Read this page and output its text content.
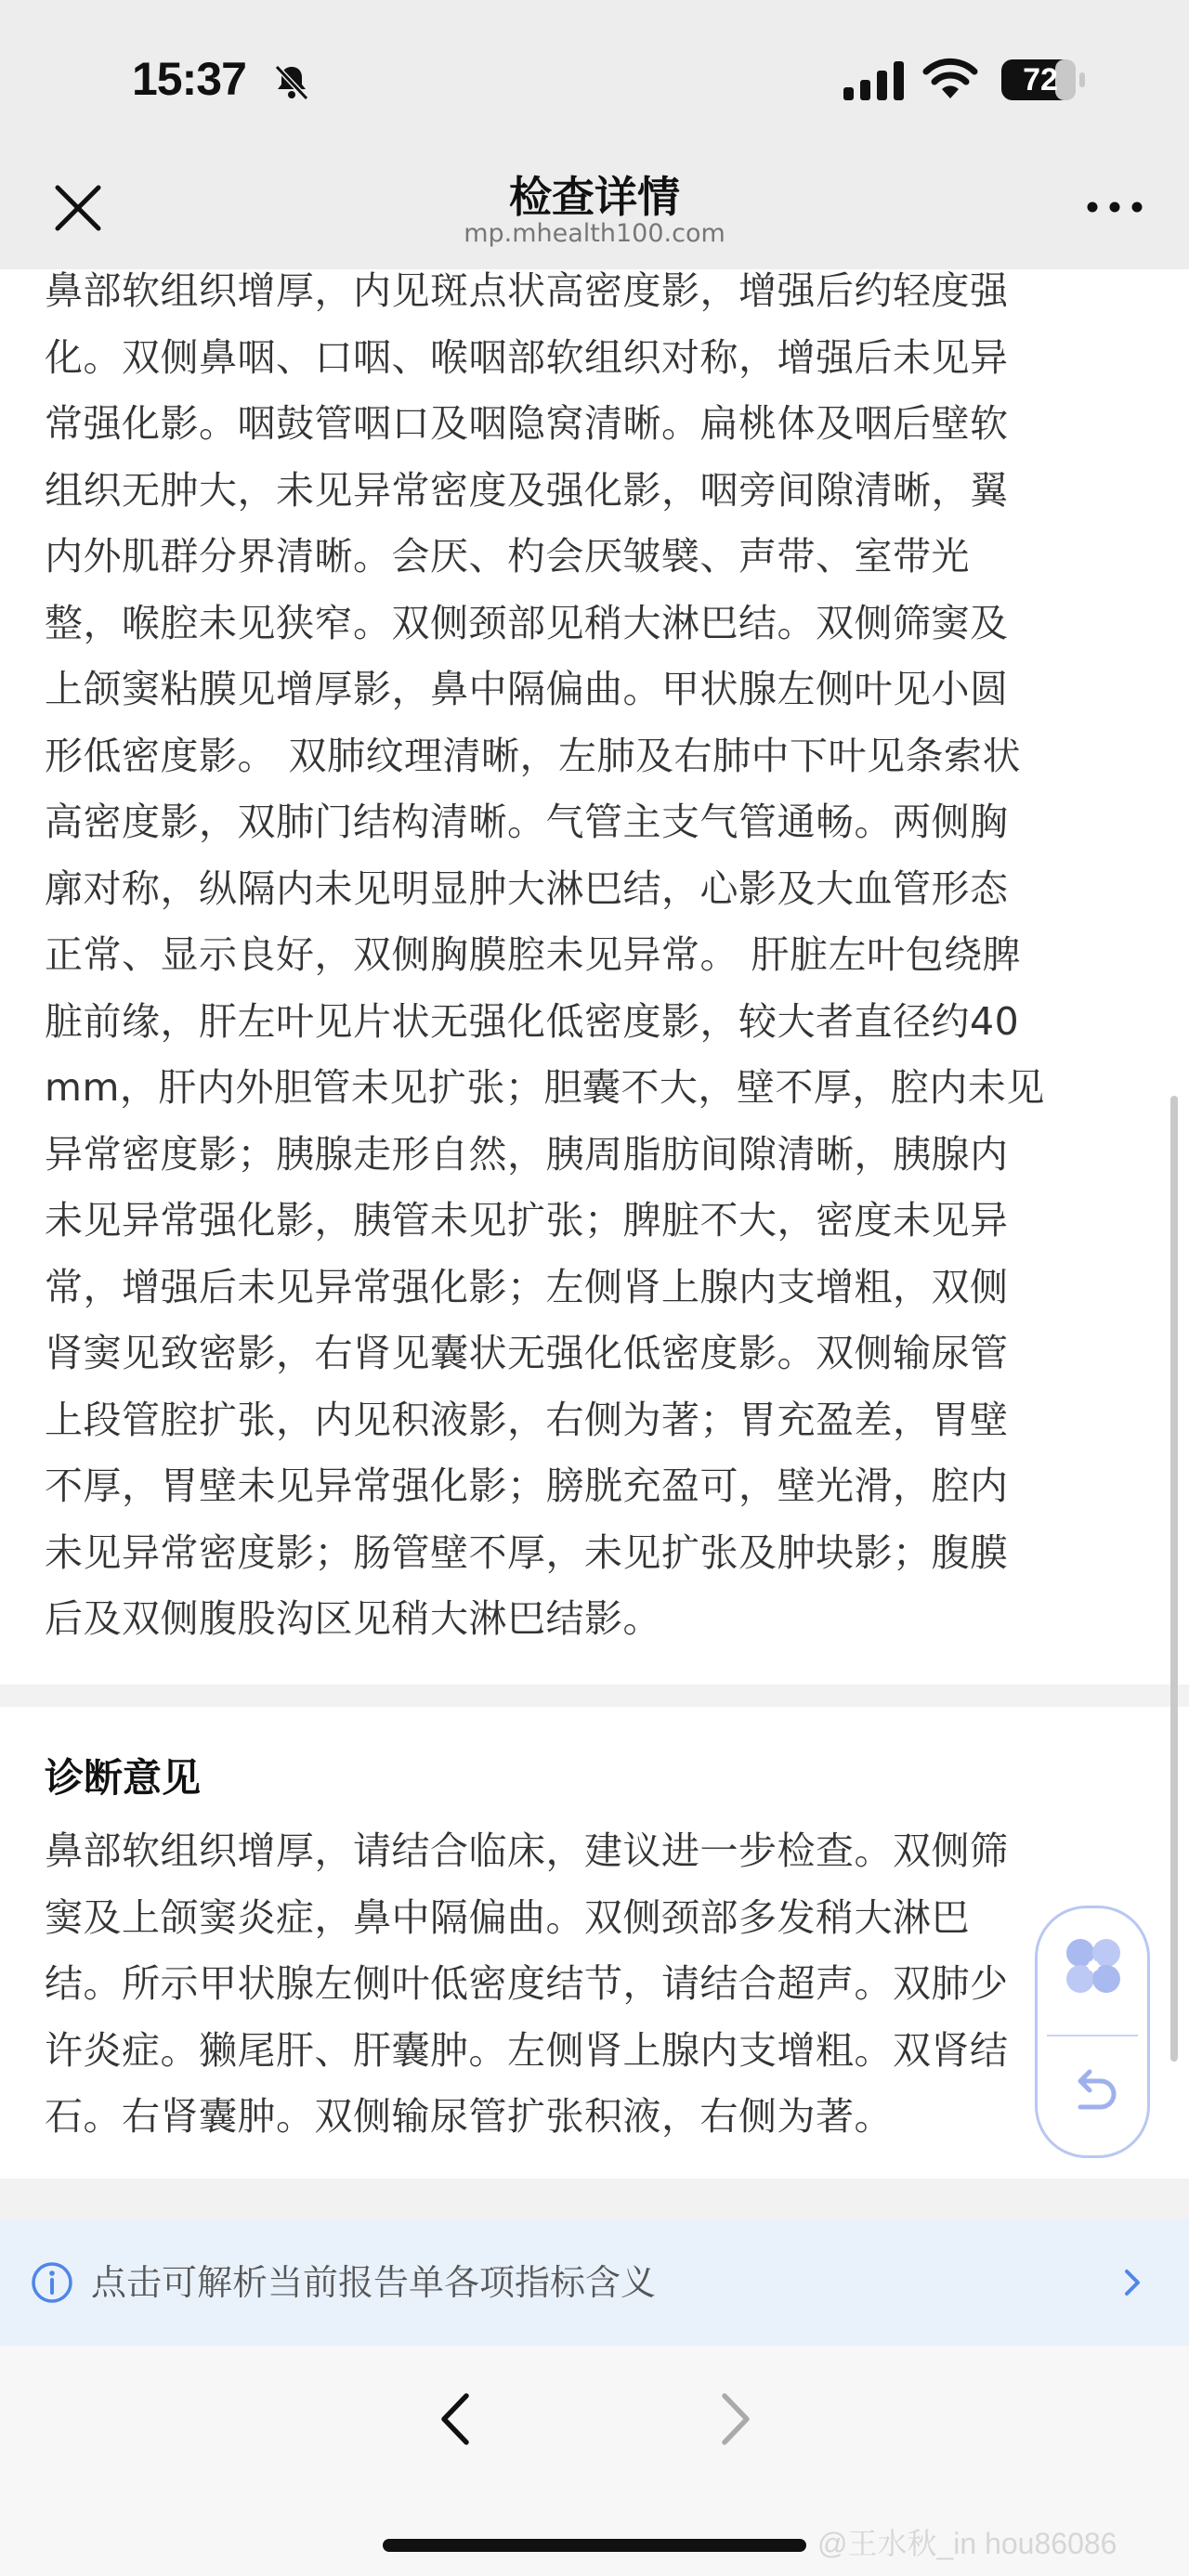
15:37	72
检查详情
mp.mhealth100.com
鼻部软组织增厚，内见斑点状高密度影，增强后约轻度强
化。双侧鼻咽、口咽、喉咽部软组织对称，增强后未见异
常强化影。咽鼓管咽口及咽隐窝清晰。扁桃体及咽后壁软
组织无肿大，未见异常密度及强化影，咽旁间隙清晰，翼
内外肌群分界清晰。会厌、杓会厌皱襞、声带、室带光
整，喉腔未见狭窄。双侧颈部见稍大淋巴结。双侧筛窦及
上颌窦粘膜见增厚影，鼻中隔偏曲。甲状腺左侧叶见小圆
形低密度影。 双肺纹理清晰，左肺及右肺中下叶见条索状
高密度影，双肺门结构清晰。气管主支气管通畅。两侧胸
廓对称，纵隔内未见明显肿大淋巴结，心影及大血管形态
正常、显示良好，双侧胸膜腔未见异常。 肝脏左叶包绕脾
脏前缘，肝左叶见片状无强化低密度影，较大者直径约40
mm，肝内外胆管未见扩张；胆囊不大，壁不厚，腔内未见
异常密度影；胰腺走形自然，胰周脂肪间隙清晰，胰腺内
未见异常强化影，胰管未见扩张；脾脏不大，密度未见异
常，增强后未见异常强化影；左侧肾上腺内支增粗，双侧
肾窦见致密影，右肾见囊状无强化低密度影。双侧输尿管
上段管腔扩张，内见积液影，右侧为著；胃充盈差，胃壁
不厚，胃壁未见异常强化影；膀胱充盈可，壁光滑，腔内
未见异常密度影；肠管壁不厚，未见扩张及肿块影；腹膜
后及双侧腹股沟区见稍大淋巴结影。
诊断意见
鼻部软组织增厚，请结合临床，建议进一步检查。双侧筛
窦及上颌窦炎症，鼻中隔偏曲。双侧颈部多发稍大淋巴
结。所示甲状腺左侧叶低密度结节，请结合超声。双肺少
许炎症。獭尾肝、肝囊肿。左侧肾上腺内支增粗。双肾结
石。右肾囊肿。双侧输尿管扩张积液，右侧为著。
点击可解析当前报告单各项指标含义
@王水秋_in hou86086
